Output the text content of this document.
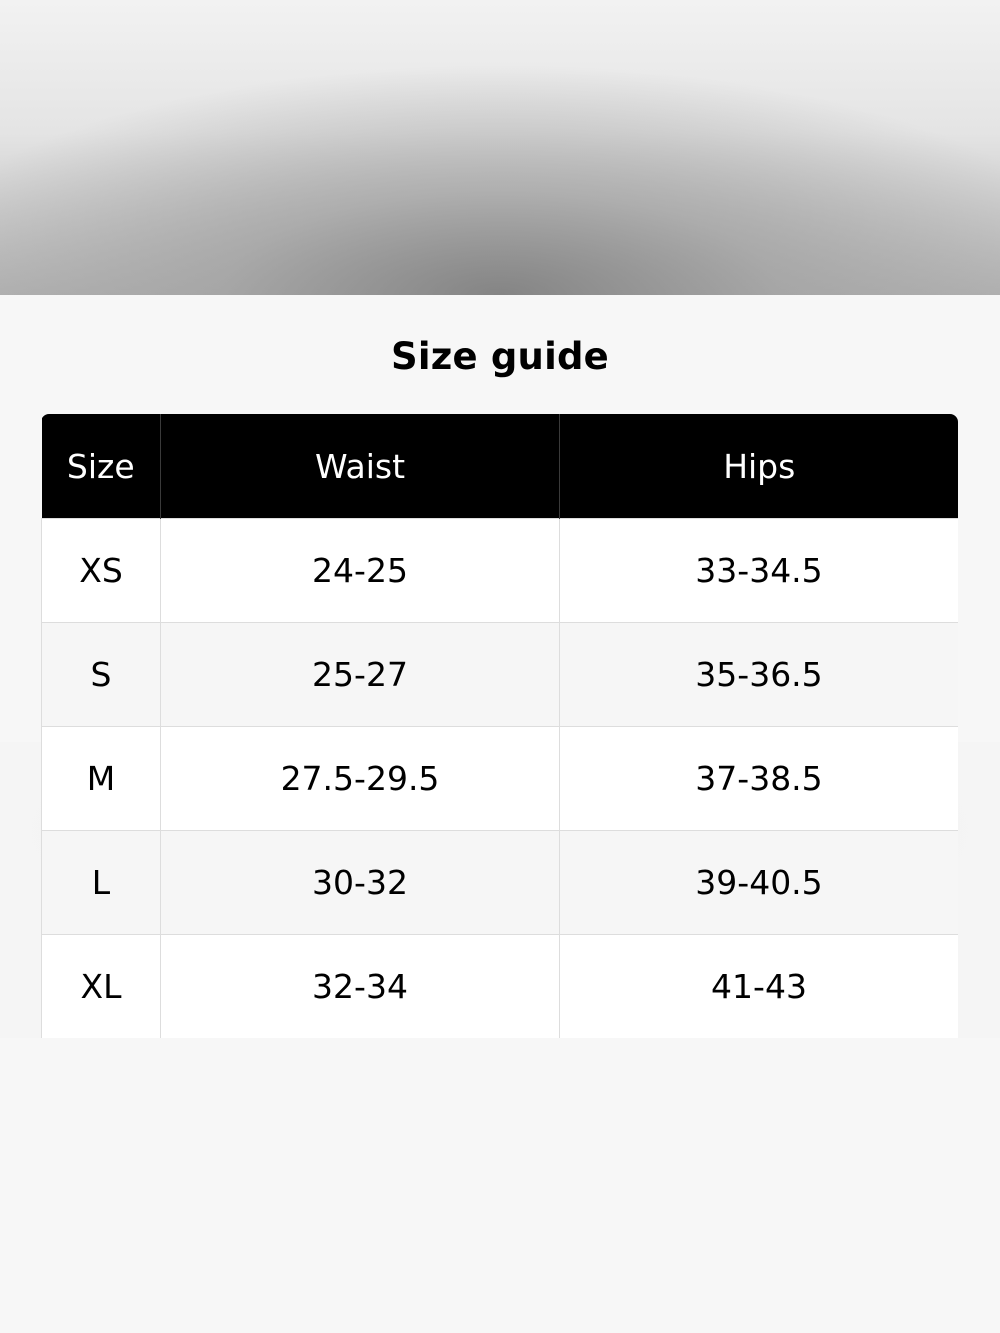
Size guide
Size	Waist	Hips
XS	24-25	33-34.5
S	25-27	35-36.5
M	27.5-29.5	37-38.5
L	30-32	39-40.5
XL	32-34	41-43
